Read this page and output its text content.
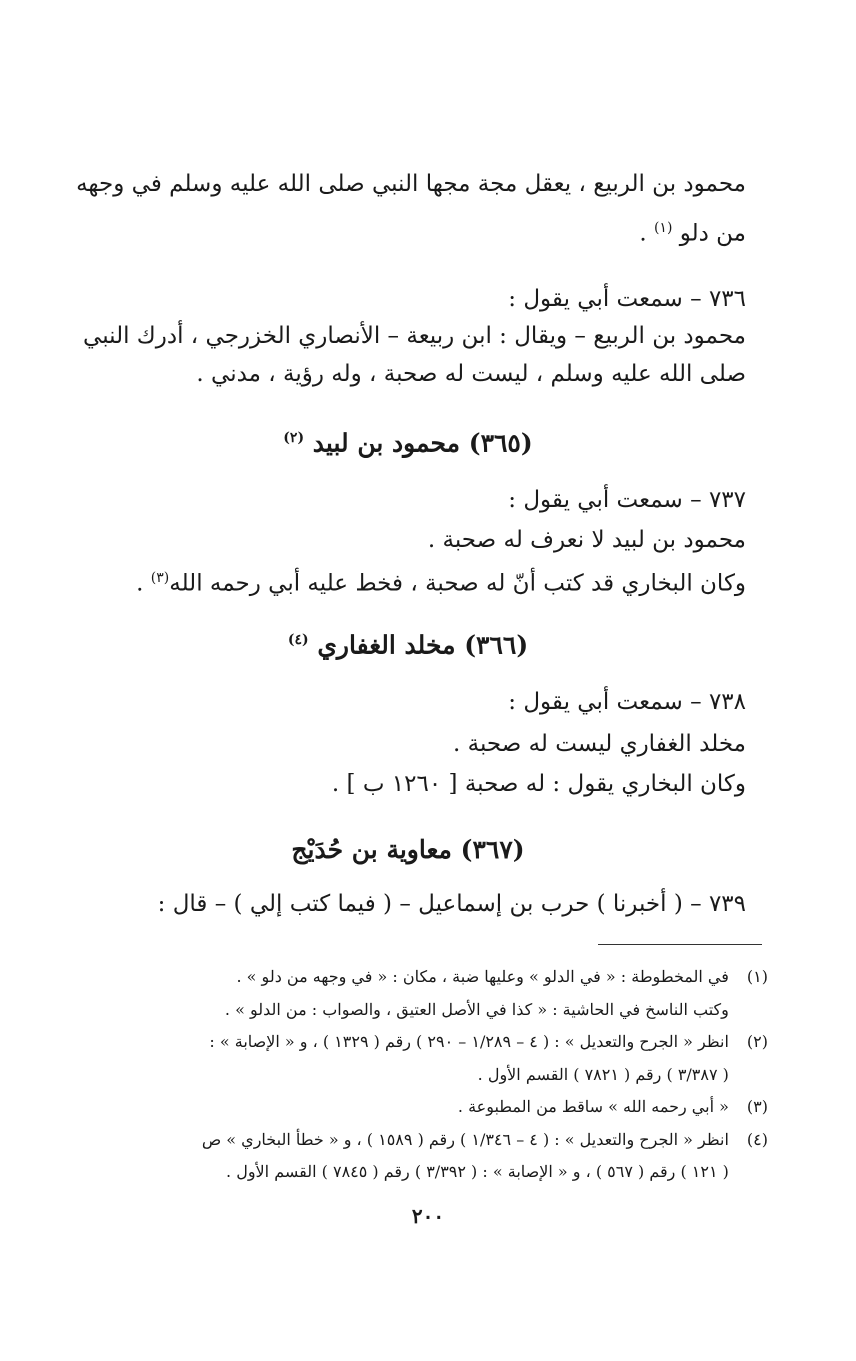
محمود بن الربيع ، يعقل مجة مجها النبي صلى الله عليه وسلم في وجهه
من دلو $^{(١)}$ .
٧٣٦ – سمعت أبي يقول :
محمود بن الربيع – ويقال : ابن ربيعة – الأنصاري الخزرجي ، أدرك النبي
صلى الله عليه وسلم ، ليست له صحبة ، وله رؤية ، مدني .
(٣٦٥) محمود بن لبيد $^{(٢)}$
٧٣٧ – سمعت أبي يقول :
محمود بن لبيد لا نعرف له صحبة .
وكان البخاري قد كتب أنّ له صحبة ، فخط عليه أبي رحمه الله$^{(٣)}$ .
(٣٦٦) مخلد الغفاري $^{(٤)}$
٧٣٨ – سمعت أبي يقول :
مخلد الغفاري ليست له صحبة .
وكان البخاري يقول : له صحبة [ ١٢٦٠ ب ] .
(٣٦٧) معاوية بن حُدَيْج
٧٣٩ – ( أخبرنا ) حرب بن إسماعيل – ( فيما كتب إلي ) – قال :
(١) في المخطوطة : « في الدلو » وعليها ضبة ، مكان : « في وجهه من دلو » .
وكتب الناسخ في الحاشية : « كذا في الأصل العتيق ، والصواب : من الدلو » .
(٢) انظر « الجرح والتعديل » : ( ٤ – ١/٢٨٩ – ٢٩٠ ) رقم ( ١٣٢٩ ) ، و « الإصابة » :
( ٣/٣٨٧ ) رقم ( ٧٨٢١ ) القسم الأول .
(٣) « أبي رحمه الله » ساقط من المطبوعة .
(٤) انظر « الجرح والتعديل » : ( ٤ – ١/٣٤٦ ) رقم ( ١٥٨٩ ) ، و « خطأ البخاري » ص
( ١٢١ ) رقم ( ٥٦٧ ) ، و « الإصابة » : ( ٣/٣٩٢ ) رقم ( ٧٨٤٥ ) القسم الأول .
٢٠٠
